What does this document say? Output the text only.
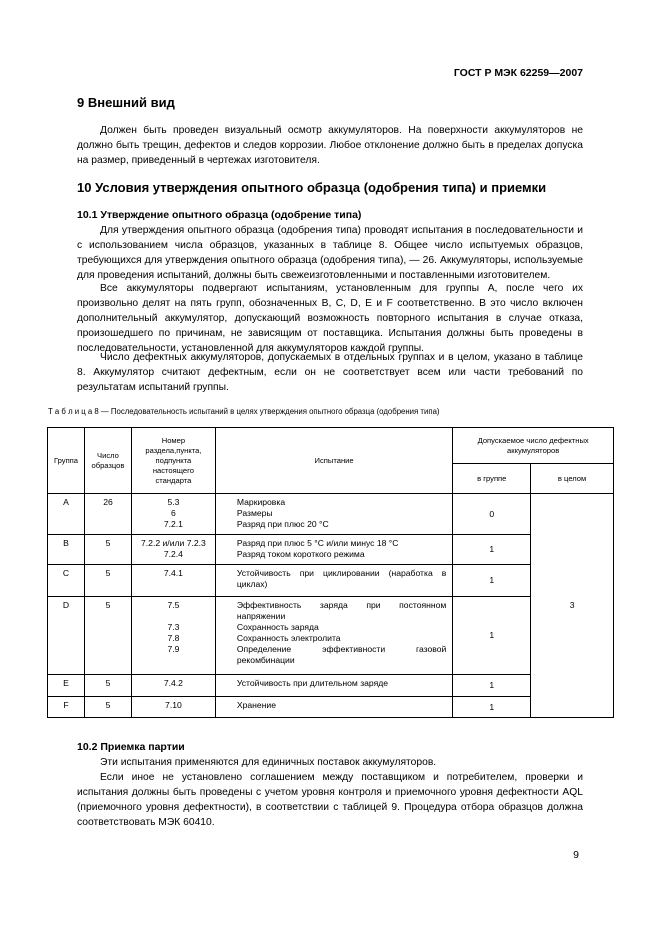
ГОСТ Р МЭК 62259—2007
9 Внешний вид

Должен быть проведен визуальный осмотр аккумуляторов. На поверхности аккумуляторов не должно быть трещин, дефектов и следов коррозии. Любое отклонение должно быть в пределах допуска на размер, приведенный в чертежах изготовителя.

10 Условия утверждения опытного образца (одобрения типа) и приемки
10.1 Утверждение опытного образца (одобрение типа)

Для утверждения опытного образца (одобрения типа) проводят испытания в последовательности и с использованием числа образцов, указанных в таблице 8. Общее число испытуемых образцов, требующихся для утверждения опытного образца (одобрения типа), — 26. Аккумуляторы, используемые для проведения испытаний, должны быть свежеизготовленными и поставленными изготовителем.

Все аккумуляторы подвергают испытаниям, установленным для группы А, после чего их произвольно делят на пять групп, обозначенных В, С, D, Е и F соответственно. В это число включен дополнительный аккумулятор, допускающий возможность повторного испытания в случае отказа, произошедшего по причинам, не зависящим от поставщика. Испытания должны быть проведены в последовательности, установленной для аккумуляторов каждой группы.

Число дефектных аккумуляторов, допускаемых в отдельных группах и в целом, указано в таблице 8. Аккумулятор считают дефектным, если он не соответствует всем или части требований по результатам испытаний группы.

Т а б л и ц а 8 — Последовательность испытаний в целях утверждения опытного образца (одобрения типа)
Группа	Число образцов	Номер раздела,пункта, подпункта настоящего стандарта	Испытание	Допускаемое число дефектных аккумуляторов	
				в группе	в целом
A	26	5.3
6
7.2.1	Маркировка
Размеры
Разряд при плюс 20 °С	0	3
B	5	7.2.2 и/или 7.2.3
7.2.4	Разряд при плюс 5 °С и/или минус 18 °С
Разряд током короткого режима	1	
C	5	7.4.1	Устойчивость при циклировании (наработка в циклах)	1	
D	5	7.5

7.3
7.8
7.9	Эффективность заряда при постоянном напряжении
Сохранность заряда
Сохранность электролита
Определение эффективности газовой рекомбинации	1	
E	5	7.4.2	Устойчивость при длительном заряде	1	
F	5	7.10	Хранение	1	
10.2 Приемка партии

Эти испытания применяются для единичных поставок аккумуляторов.

Если иное не установлено соглашением между поставщиком и потребителем, проверки и испытания должны быть проведены с учетом уровня контроля и приемочного уровня дефектности AQL (приемочного уровня дефектности), в соответствии с таблицей 9. Процедура отбора образцов должна соответствовать МЭК 60410.

9
